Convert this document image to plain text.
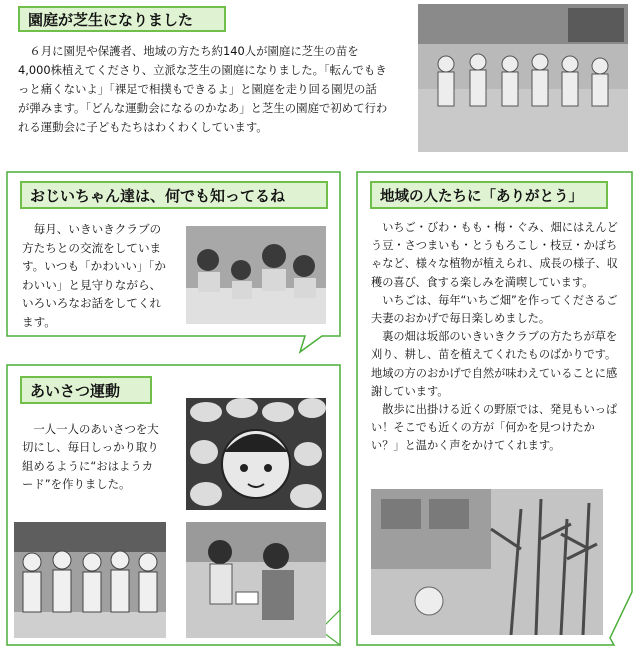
園庭が芝生になりました

６月に園児や保護者、地域の方たち約140人が園庭に芝生の苗を4,000株植えてくださり、立派な芝生の園庭になりました。「転んでもきっと痛くないよ」「裸足で相撲もできるよ」と園庭を走り回る園児の話が弾みます。「どんな運動会になるのかなあ」と芝生の園庭で初めて行われる運動会に子どもたちはわくわくしています。

おじいちゃん達は、何でも知ってるね

毎月、いきいきクラブの方たちとの交流をしています。いつも「かわいい」「かわいい」と見守りながら、いろいろなお話をしてくれます。

地域の人たちに「ありがとう」

いちご・びわ・もも・梅・ぐみ、畑にはえんどう豆・さつまいも・とうもろこし・枝豆・かぼちゃなど、様々な植物が植えられ、成長の様子、収穫の喜び、食する楽しみを満喫しています。

いちごは、毎年“いちご畑”を作ってくださるご夫妻のおかげで毎日楽しめました。

裏の畑は坂部のいきいきクラブの方たちが草を刈り、耕し、苗を植えてくれたものばかりです。地域の方のおかげで自然が味わえていることに感謝しています。

散歩に出掛ける近くの野原では、発見もいっぱい！そこでも近くの方が「何かを見つけたかい？」と温かく声をかけてくれます。

あいさつ運動

一人一人のあいさつを大切にし、毎日しっかり取り組めるように“おはようカード”を作りました。
